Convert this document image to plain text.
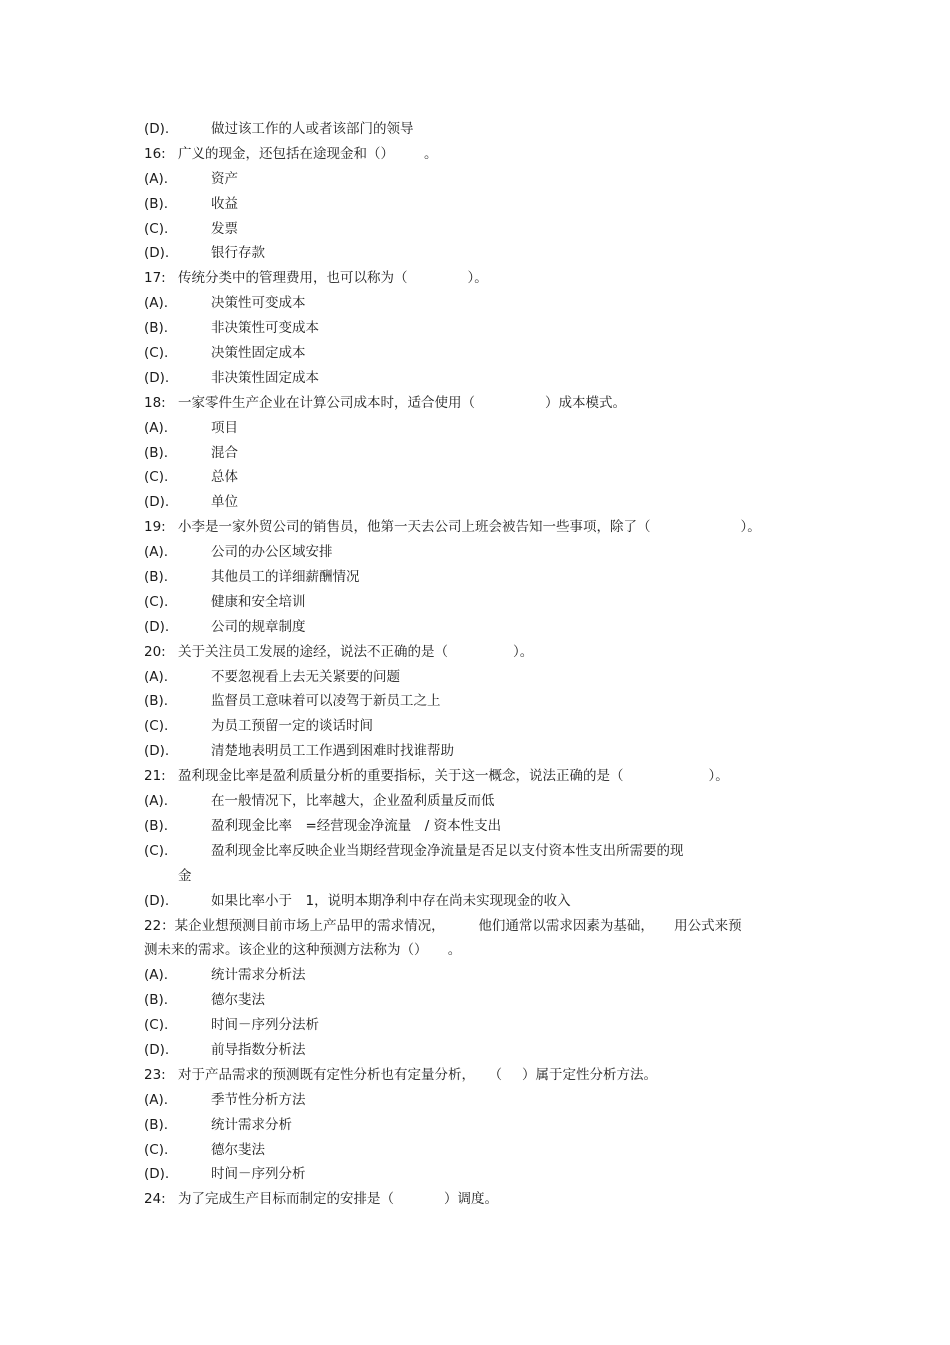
(D).	做过该工作的人或者该部门的领导
16: 广义的现金，还包括在途现金和（） 。
(A).	资产
(B).	收益
(C).	发票
(D).	银行存款
17: 传统分类中的管理费用，也可以称为（	）。
(A).	决策性可变成本
(B).	非决策性可变成本
(C).	决策性固定成本
(D).	非决策性固定成本
18: 一家零件生产企业在计算公司成本时，适合使用（	）成本模式。
(A).	项目
(B).	混合
(C).	总体
(D).	单位
19: 小李是一家外贸公司的销售员，他第一天去公司上班会被告知一些事项，除了（	）。
(A).	公司的办公区域安排
(B).	其他员工的详细薪酬情况
(C).	健康和安全培训
(D).	公司的规章制度
20: 关于关注员工发展的途经，说法不正确的是（	）。
(A).	不要忽视看上去无关紧要的问题
(B).	监督员工意味着可以凌驾于新员工之上
(C).	为员工预留一定的谈话时间
(D).	清楚地表明员工工作遇到困难时找谁帮助
21: 盈利现金比率是盈利质量分析的重要指标，关于这一概念，说法正确的是（	）。
(A).	在一般情况下，比率越大，企业盈利质量反而低
(B).	盈利现金比率　=经营现金净流量　/ 资本性支出
(C).	盈利现金比率反映企业当期经营现金净流量是否足以支付资本性支出所需要的现
金
(D).	如果比率小于　1，说明本期净利中存在尚未实现现金的收入
22：某企业想预测目前市场上产品甲的需求情况，　　　他们通常以需求因素为基础，　　用公式来预
测未来的需求。该企业的这种预测方法称为（）　　。
(A).	统计需求分析法
(B).	德尔斐法
(C).	时间－序列分法析
(D).	前导指数分析法
23: 对于产品需求的预测既有定性分析也有定量分析，　　（ ）属于定性分析方法。
(A).	季节性分析方法
(B).	统计需求分析
(C).	德尔斐法
(D).	时间－序列分析
24: 为了完成生产目标而制定的安排是（	）调度。
